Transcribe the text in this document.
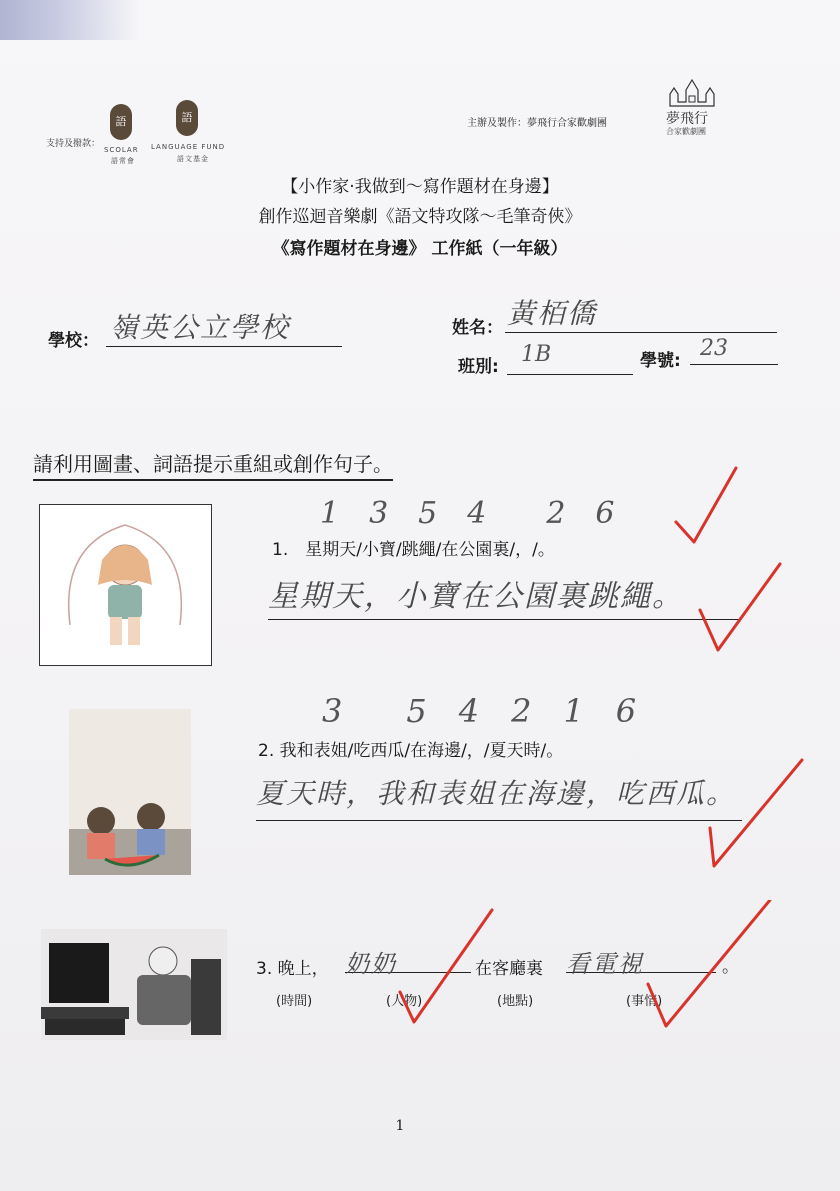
支持及撥款：
語
SCOLAR
語常會
語
LANGUAGE FUND
語文基金
主辦及製作：夢飛行合家歡劇團	夢飛行
合家歡劇團
【小作家‧我做到～寫作題材在身邊】
創作巡迴音樂劇《語文特攻隊～毛筆奇俠》
《寫作題材在身邊》 工作紙（一年級）
學校： 嶺英公立學校	姓名： 黃栢僑
班別:	1B	學號: 23
請利用圖畫、詞語提示重組或創作句子。
1　3　5　4　　2　6
1.　星期天/小寶/跳繩/在公園裏/，/。
星期天，小寶在公園裏跳繩。
3　　5　4　2　1　6
2. 我和表姐/吃西瓜/在海邊/，/夏天時/。
夏天時，我和表姐在海邊，吃西瓜。
3. 晚上， 奶奶	在客廳裏 看電視	。
(時間)	(人物)	(地點)	(事情)
1
